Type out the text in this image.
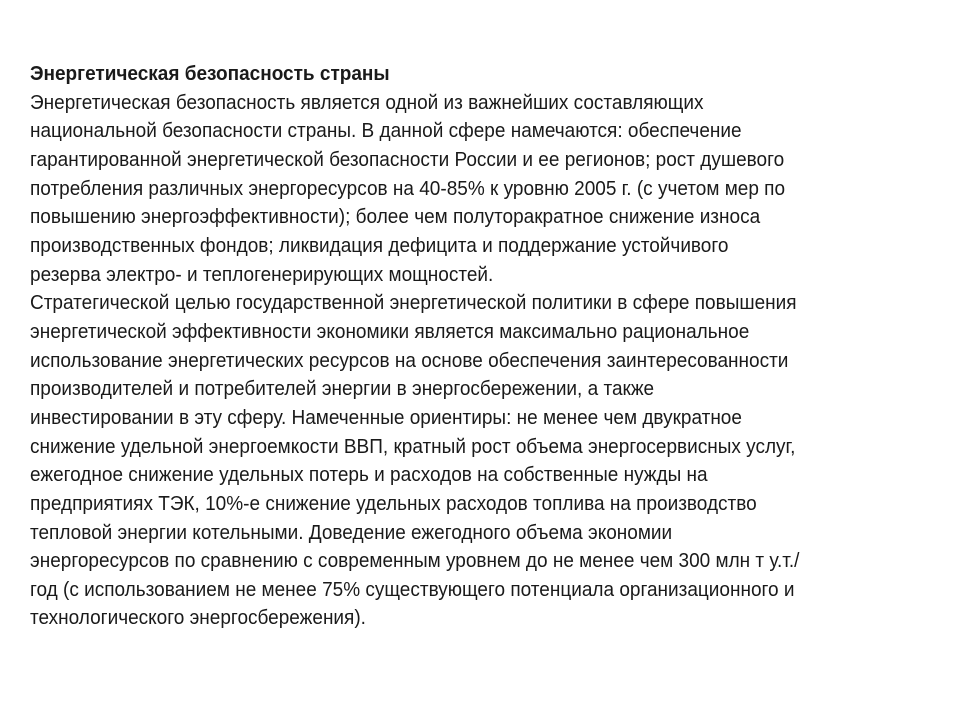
Энергетическая безопасность страны
Энергетическая безопасность является одной из важнейших составляющих
национальной безопасности страны. В данной сфере намечаются: обеспечение
гарантированной энергетической безопасности России и ее регионов; рост душевого
потребления различных энергоресурсов на 40-85% к уровню 2005 г. (с учетом мер по
повышению энергоэффективности); более чем полуторакратное снижение износа
производственных фондов; ликвидация дефицита и поддержание устойчивого
резерва электро- и теплогенерирующих мощностей.
Стратегической целью государственной энергетической политики в сфере повышения
энергетической эффективности экономики является максимально рациональное
использование энергетических ресурсов на основе обеспечения заинтересованности
производителей и потребителей энергии в энергосбережении, а также
инвестировании в эту сферу. Намеченные ориентиры: не менее чем двукратное
снижение удельной энергоемкости ВВП, кратный рост объема энергосервисных услуг,
ежегодное снижение удельных потерь и расходов на собственные нужды на
предприятиях ТЭК, 10%-е снижение удельных расходов топлива на производство
тепловой энергии котельными. Доведение ежегодного объема экономии
энергоресурсов по сравнению с современным уровнем до не менее чем 300 млн т у.т./
год (с использованием не менее 75% существующего потенциала организационного и
технологического энергосбережения).
